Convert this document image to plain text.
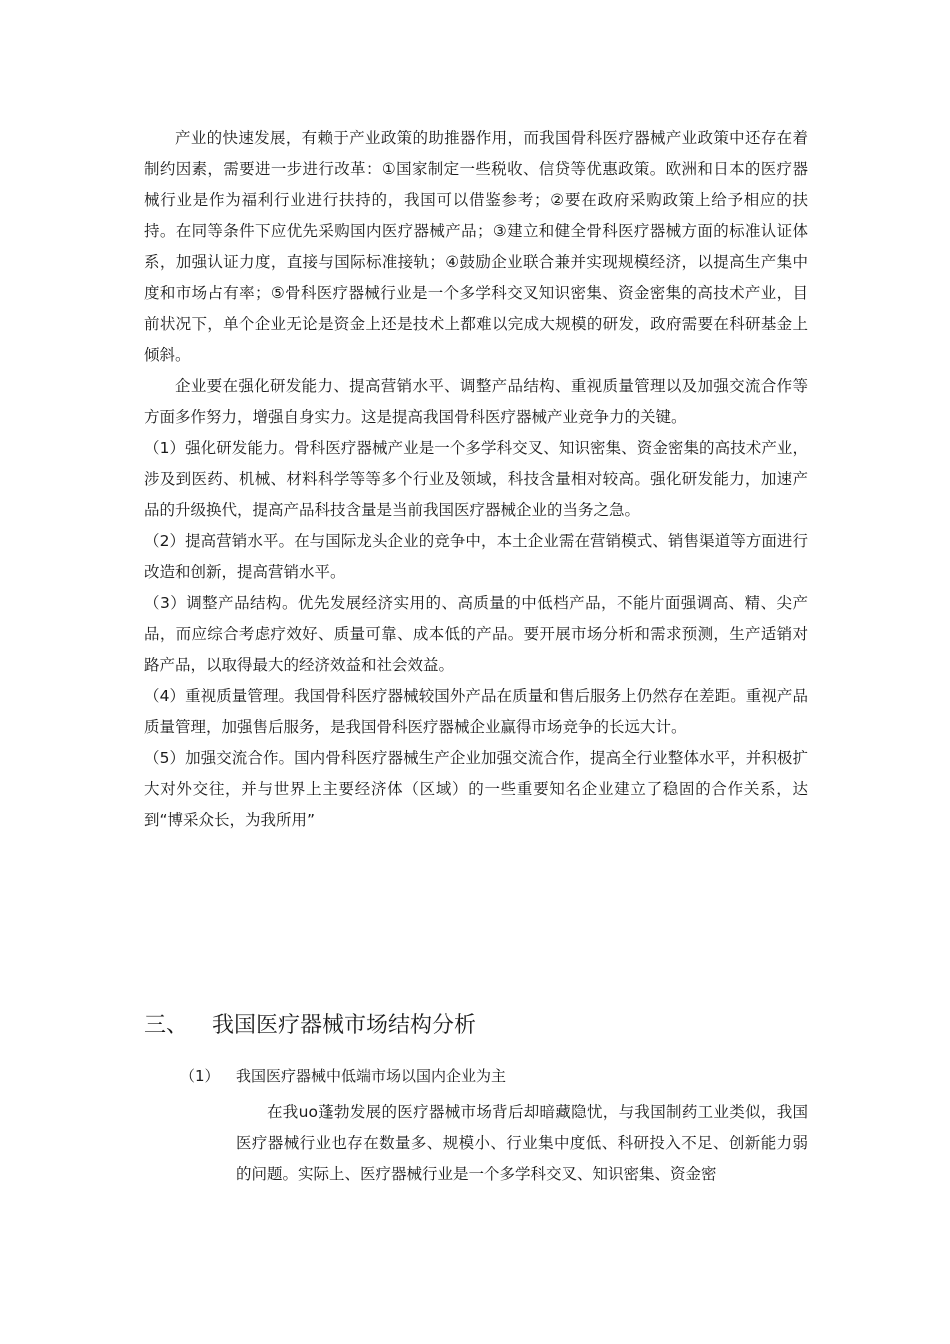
产业的快速发展，有赖于产业政策的助推器作用，而我国骨科医疗器械产业政策中还存在着制约因素，需要进一步进行改革：①国家制定一些税收、信贷等优惠政策。欧洲和日本的医疗器械行业是作为福利行业进行扶持的，我国可以借鉴参考；②要在政府采购政策上给予相应的扶持。在同等条件下应优先采购国内医疗器械产品；③建立和健全骨科医疗器械方面的标准认证体系，加强认证力度，直接与国际标准接轨；④鼓励企业联合兼并实现规模经济，以提高生产集中度和市场占有率；⑤骨科医疗器械行业是一个多学科交叉知识密集、资金密集的高技术产业，目前状况下，单个企业无论是资金上还是技术上都难以完成大规模的研发，政府需要在科研基金上倾斜。

企业要在强化研发能力、提高营销水平、调整产品结构、重视质量管理以及加强交流合作等方面多作努力，增强自身实力。这是提高我国骨科医疗器械产业竞争力的关键。

（1）强化研发能力。骨科医疗器械产业是一个多学科交叉、知识密集、资金密集的高技术产业，涉及到医药、机械、材料科学等等多个行业及领域，科技含量相对较高。强化研发能力，加速产品的升级换代，提高产品科技含量是当前我国医疗器械企业的当务之急。

（2）提高营销水平。在与国际龙头企业的竞争中，本土企业需在营销模式、销售渠道等方面进行改造和创新，提高营销水平。

（3）调整产品结构。优先发展经济实用的、高质量的中低档产品，不能片面强调高、精、尖产品，而应综合考虑疗效好、质量可靠、成本低的产品。要开展市场分析和需求预测，生产适销对路产品，以取得最大的经济效益和社会效益。

（4）重视质量管理。我国骨科医疗器械较国外产品在质量和售后服务上仍然存在差距。重视产品质量管理，加强售后服务，是我国骨科医疗器械企业赢得市场竞争的长远大计。

（5）加强交流合作。国内骨科医疗器械生产企业加强交流合作，提高全行业整体水平，并积极扩大对外交往，并与世界上主要经济体（区域）的一些重要知名企业建立了稳固的合作关系，达到“博采众长，为我所用”

三、 我国医疗器械市场结构分析
（1） 我国医疗器械中低端市场以国内企业为主

在我uo蓬勃发展的医疗器械市场背后却暗藏隐忧，与我国制药工业类似，我国医疗器械行业也存在数量多、规模小、行业集中度低、科研投入不足、创新能力弱的问题。实际上、医疗器械行业是一个多学科交叉、知识密集、资金密
